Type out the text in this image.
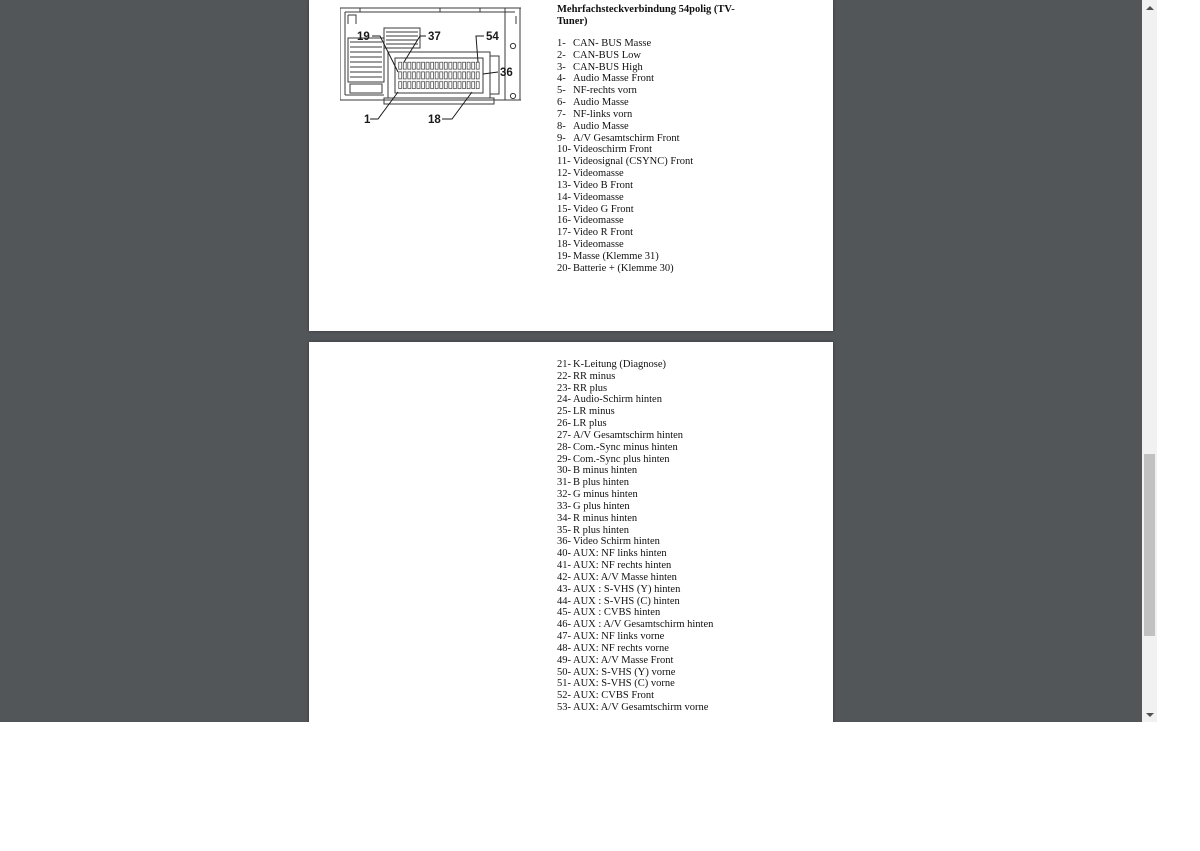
19	37	54
36
1	18
Mehrfachsteckverbindung 54polig (TV-
Tuner)
1- CAN- BUS Masse
2- CAN-BUS Low
3- CAN-BUS High
4- Audio Masse Front
5- NF-rechts vorn
6- Audio Masse
7- NF-links vorn
8- Audio Masse
9- A/V Gesamtschirm Front
10- Videoschirm Front
11- Videosignal (CSYNC) Front
12- Videomasse
13- Video B Front
14- Videomasse
15- Video G Front
16- Videomasse
17- Video R Front
18- Videomasse
19- Masse (Klemme 31)
20- Batterie + (Klemme 30)
21- K-Leitung (Diagnose)
22- RR minus
23- RR plus
24- Audio-Schirm hinten
25- LR minus
26- LR plus
27- A/V Gesamtschirm hinten
28- Com.-Sync minus hinten
29- Com.-Sync plus hinten
30- B minus hinten
31- B plus hinten
32- G minus hinten
33- G plus hinten
34- R minus hinten
35- R plus hinten
36- Video Schirm hinten
40- AUX: NF links hinten
41- AUX: NF rechts hinten
42- AUX: A/V Masse hinten
43- AUX : S-VHS (Y) hinten
44- AUX : S-VHS (C) hinten
45- AUX : CVBS hinten
46- AUX : A/V Gesamtschirm hinten
47- AUX: NF links vorne
48- AUX: NF rechts vorne
49- AUX: A/V Masse Front
50- AUX: S-VHS (Y) vorne
51- AUX: S-VHS (C) vorne
52- AUX: CVBS Front
53- AUX: A/V Gesamtschirm vorne
